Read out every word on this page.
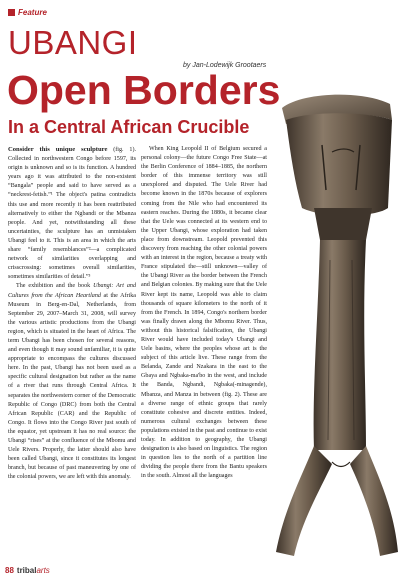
Feature
UBANGI
by Jan-Lodewijk Grootaers
Open Borders
In a Central African Crucible

Consider this unique sculpture (fig. 1). Collected in northwestern Congo before 1597, its origin is unknown and so is its function. A hundred years ago it was attributed to the non-existent “Bangala” people and said to have served as a “neckrest-fetish.”¹ The object's patina contradicts this use and more recently it has been reattributed alternatively to either the Ngbandi or the Mbanza people. And yet, notwithstanding all these uncertainties, the sculpture has an unmistaken Ubangi feel to it. This is an area in which the arts share “family resemblances”²—a complicated network of similarities overlapping and crisscrossing: sometimes overall similarities, sometimes similarities of detail.”³

The exhibition and the book Ubangi: Art and Cultures from the African Heartland at the Afrika Museum in Berg-en-Dal, Netherlands, from September 29, 2007–March 31, 2008, will survey the various artistic productions from the Ubangi region, which is situated in the heart of Africa. The term Ubangi has been chosen for several reasons, and even though it may sound unfamiliar, it is quite appropriate to encompass the cultures discussed here. In the past, Ubangi has not been used as a specific cultural designation but rather as the name of a river that runs through Central Africa. It separates the northwestern corner of the Democratic Republic of Congo (DRC) from both the Central African Republic (CAR) and the Republic of Congo. It flows into the Congo River just south of the equator, yet upstream it has no real source: the Ubangi “rises” at the confluence of the Mbomu and Uele Rivers. Properly, the latter should also have been called Ubangi, since it constitutes its longest branch, but because of past maneuvering by one of the colonial powers, we are left with this anomaly.

When King Leopold II of Belgium secured a personal colony—the future Congo Free State—at the Berlin Conference of 1884–1885, the northern border of this immense territory was still unexplored and disputed. The Uele River had become known in the 1870s because of explorers coming from the Nile who had encountered its eastern reaches. During the 1880s, it became clear that the Uele was connected at its western end to the Upper Ubangi, whose exploration had taken place from downstream. Leopold prevented this discovery from reaching the other colonial powers with an interest in the region, because a treaty with France stipulated the—still unknown—valley of the Ubangi River as the border between the French and Belgian colonies. By making sure that the Uele River kept its name, Leopold was able to claim thousands of square kilometers to the north of it from the French. In 1894, Congo's northern border was finally drawn along the Mbomu River. Thus, without this historical falsification, the Ubangi River would have included today's Ubangi and Uele basins, where the peoples whose art is the subject of this article live. These range from the Belanda, Zande and Nzakara in the east to the Gbaya and Ngbaka-ma'bo in the west, and include the Banda, Ngbandi, Ngbaka(-minagende), Mbanza, and Manza in between (fig. 2). These are a diverse range of ethnic groups that rarely constitute cohesive and discrete entities. Indeed, numerous cultural exchanges between these populations existed in the past and continue to exist today. In addition to geography, the Ubangi designation is also based on linguistics. The region in question lies to the north of a partition line dividing the people there from the Bantu speakers in the south. Almost all the languages

88 tribal arts
